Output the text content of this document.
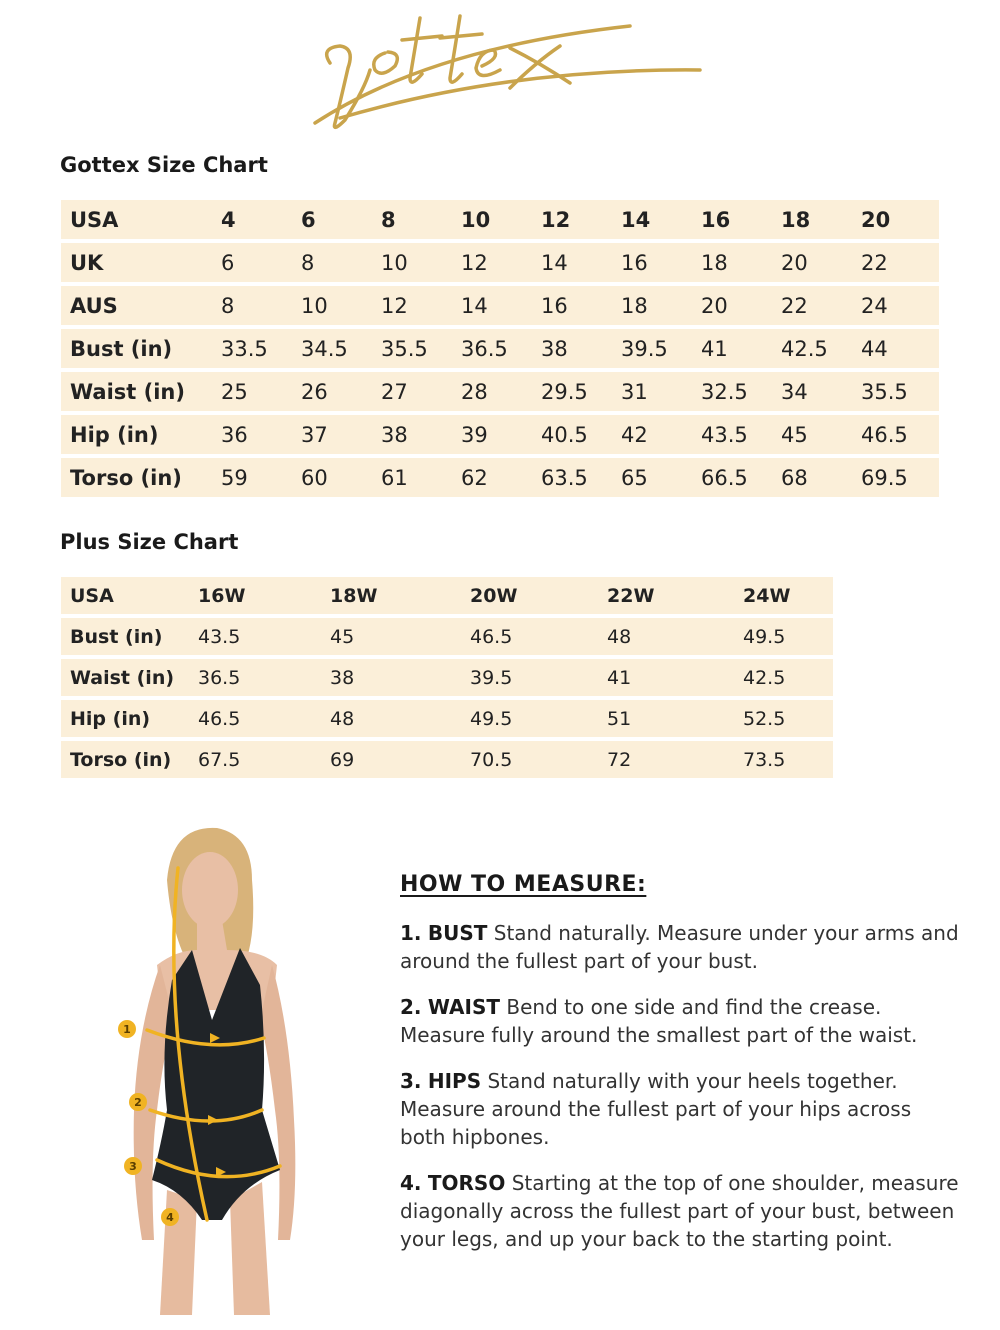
Gottex Size Chart
USA	4	6	8	10	12	14	16	18	20
UK	6	8	10	12	14	16	18	20	22
AUS	8	10	12	14	16	18	20	22	24
Bust (in)	33.5	34.5	35.5	36.5	38	39.5	41	42.5	44
Waist (in)	25	26	27	28	29.5	31	32.5	34	35.5
Hip (in)	36	37	38	39	40.5	42	43.5	45	46.5
Torso (in)	59	60	61	62	63.5	65	66.5	68	69.5
Plus Size Chart
USA	16W	18W	20W	22W	24W
Bust (in)	43.5	45	46.5	48	49.5
Waist (in)	36.5	38	39.5	41	42.5
Hip (in)	46.5	48	49.5	51	52.5
Torso (in)	67.5	69	70.5	72	73.5
1
2
3
4
HOW TO MEASURE:
1. BUST Stand naturally. Measure under your arms and around the fullest part of your bust.
2. WAIST Bend to one side and find the crease. Measure fully around the smallest part of the waist.
3. HIPS Stand naturally with your heels together. Measure around the fullest part of your hips across both hipbones.
4. TORSO Starting at the top of one shoulder, measure diagonally across the fullest part of your bust, between your legs, and up your back to the starting point.
